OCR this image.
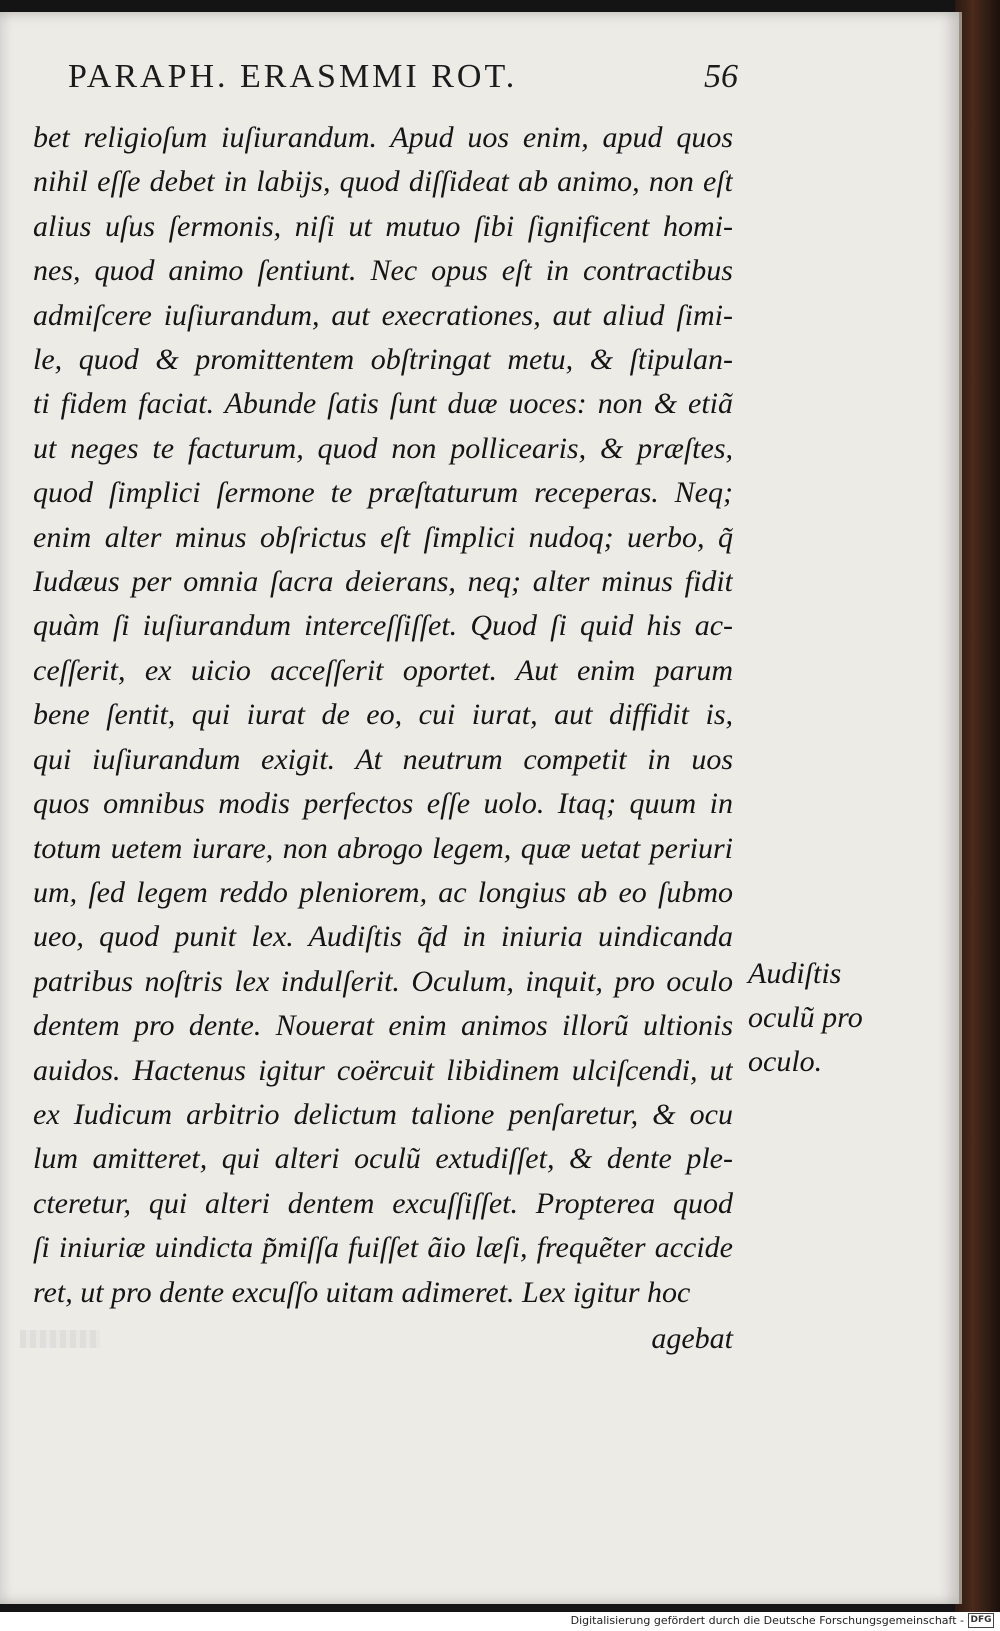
PARAPH. ERASMMI ROT.	56
bet religioſum iuſiurandum. Apud uos enim, apud quos
nihil eſſe debet in labijs, quod diſſideat ab animo, non eſt
alius uſus ſermonis, niſi ut mutuo ſibi ſignificent homi-
nes, quod animo ſentiunt. Nec opus eſt in contractibus
admiſcere iuſiurandum, aut execrationes, aut aliud ſimi-
le, quod & promittentem obſtringat metu, & ſtipulan-
ti fidem faciat. Abunde ſatis ſunt duæ uoces: non & etiã
ut neges te facturum, quod non pollicearis, & præſtes,
quod ſimplici ſermone te præſtaturum receperas. Neq;
enim alter minus obſrictus eſt ſimplici nudoq; uerbo, q̃
Iudæus per omnia ſacra deierans, neq; alter minus fidit
quàm ſi iuſiurandum interceſſiſſet. Quod ſi quid his ac-
ceſſerit, ex uicio acceſſerit oportet. Aut enim parum
bene ſentit, qui iurat de eo, cui iurat, aut diffidit is,
qui iuſiurandum exigit. At neutrum competit in uos
quos omnibus modis perfectos eſſe uolo. Itaq; quum in
totum uetem iurare, non abrogo legem, quæ uetat periuri
um, ſed legem reddo pleniorem, ac longius ab eo ſubmo
ueo, quod punit lex. Audiſtis q̃d in iniuria uindicanda
patribus noſtris lex indulſerit. Oculum, inquit, pro oculo
dentem pro dente. Nouerat enim animos illorũ ultionis
auidos. Hactenus igitur coërcuit libidinem ulciſcendi, ut
ex Iudicum arbitrio delictum talione penſaretur, & ocu
lum amitteret, qui alteri oculũ extudiſſet, & dente ple-
cteretur, qui alteri dentem excuſſiſſet. Propterea quod
ſi iniuriæ uindicta p̃miſſa fuiſſet ãio læſi, frequẽter accide
ret, ut pro dente excuſſo uitam adimeret. Lex igitur hoc
Audiſtis
oculũ pro
oculo.
agebat
Digitalisierung gefördert durch die Deutsche Forschungsgemeinschaft - DFG
